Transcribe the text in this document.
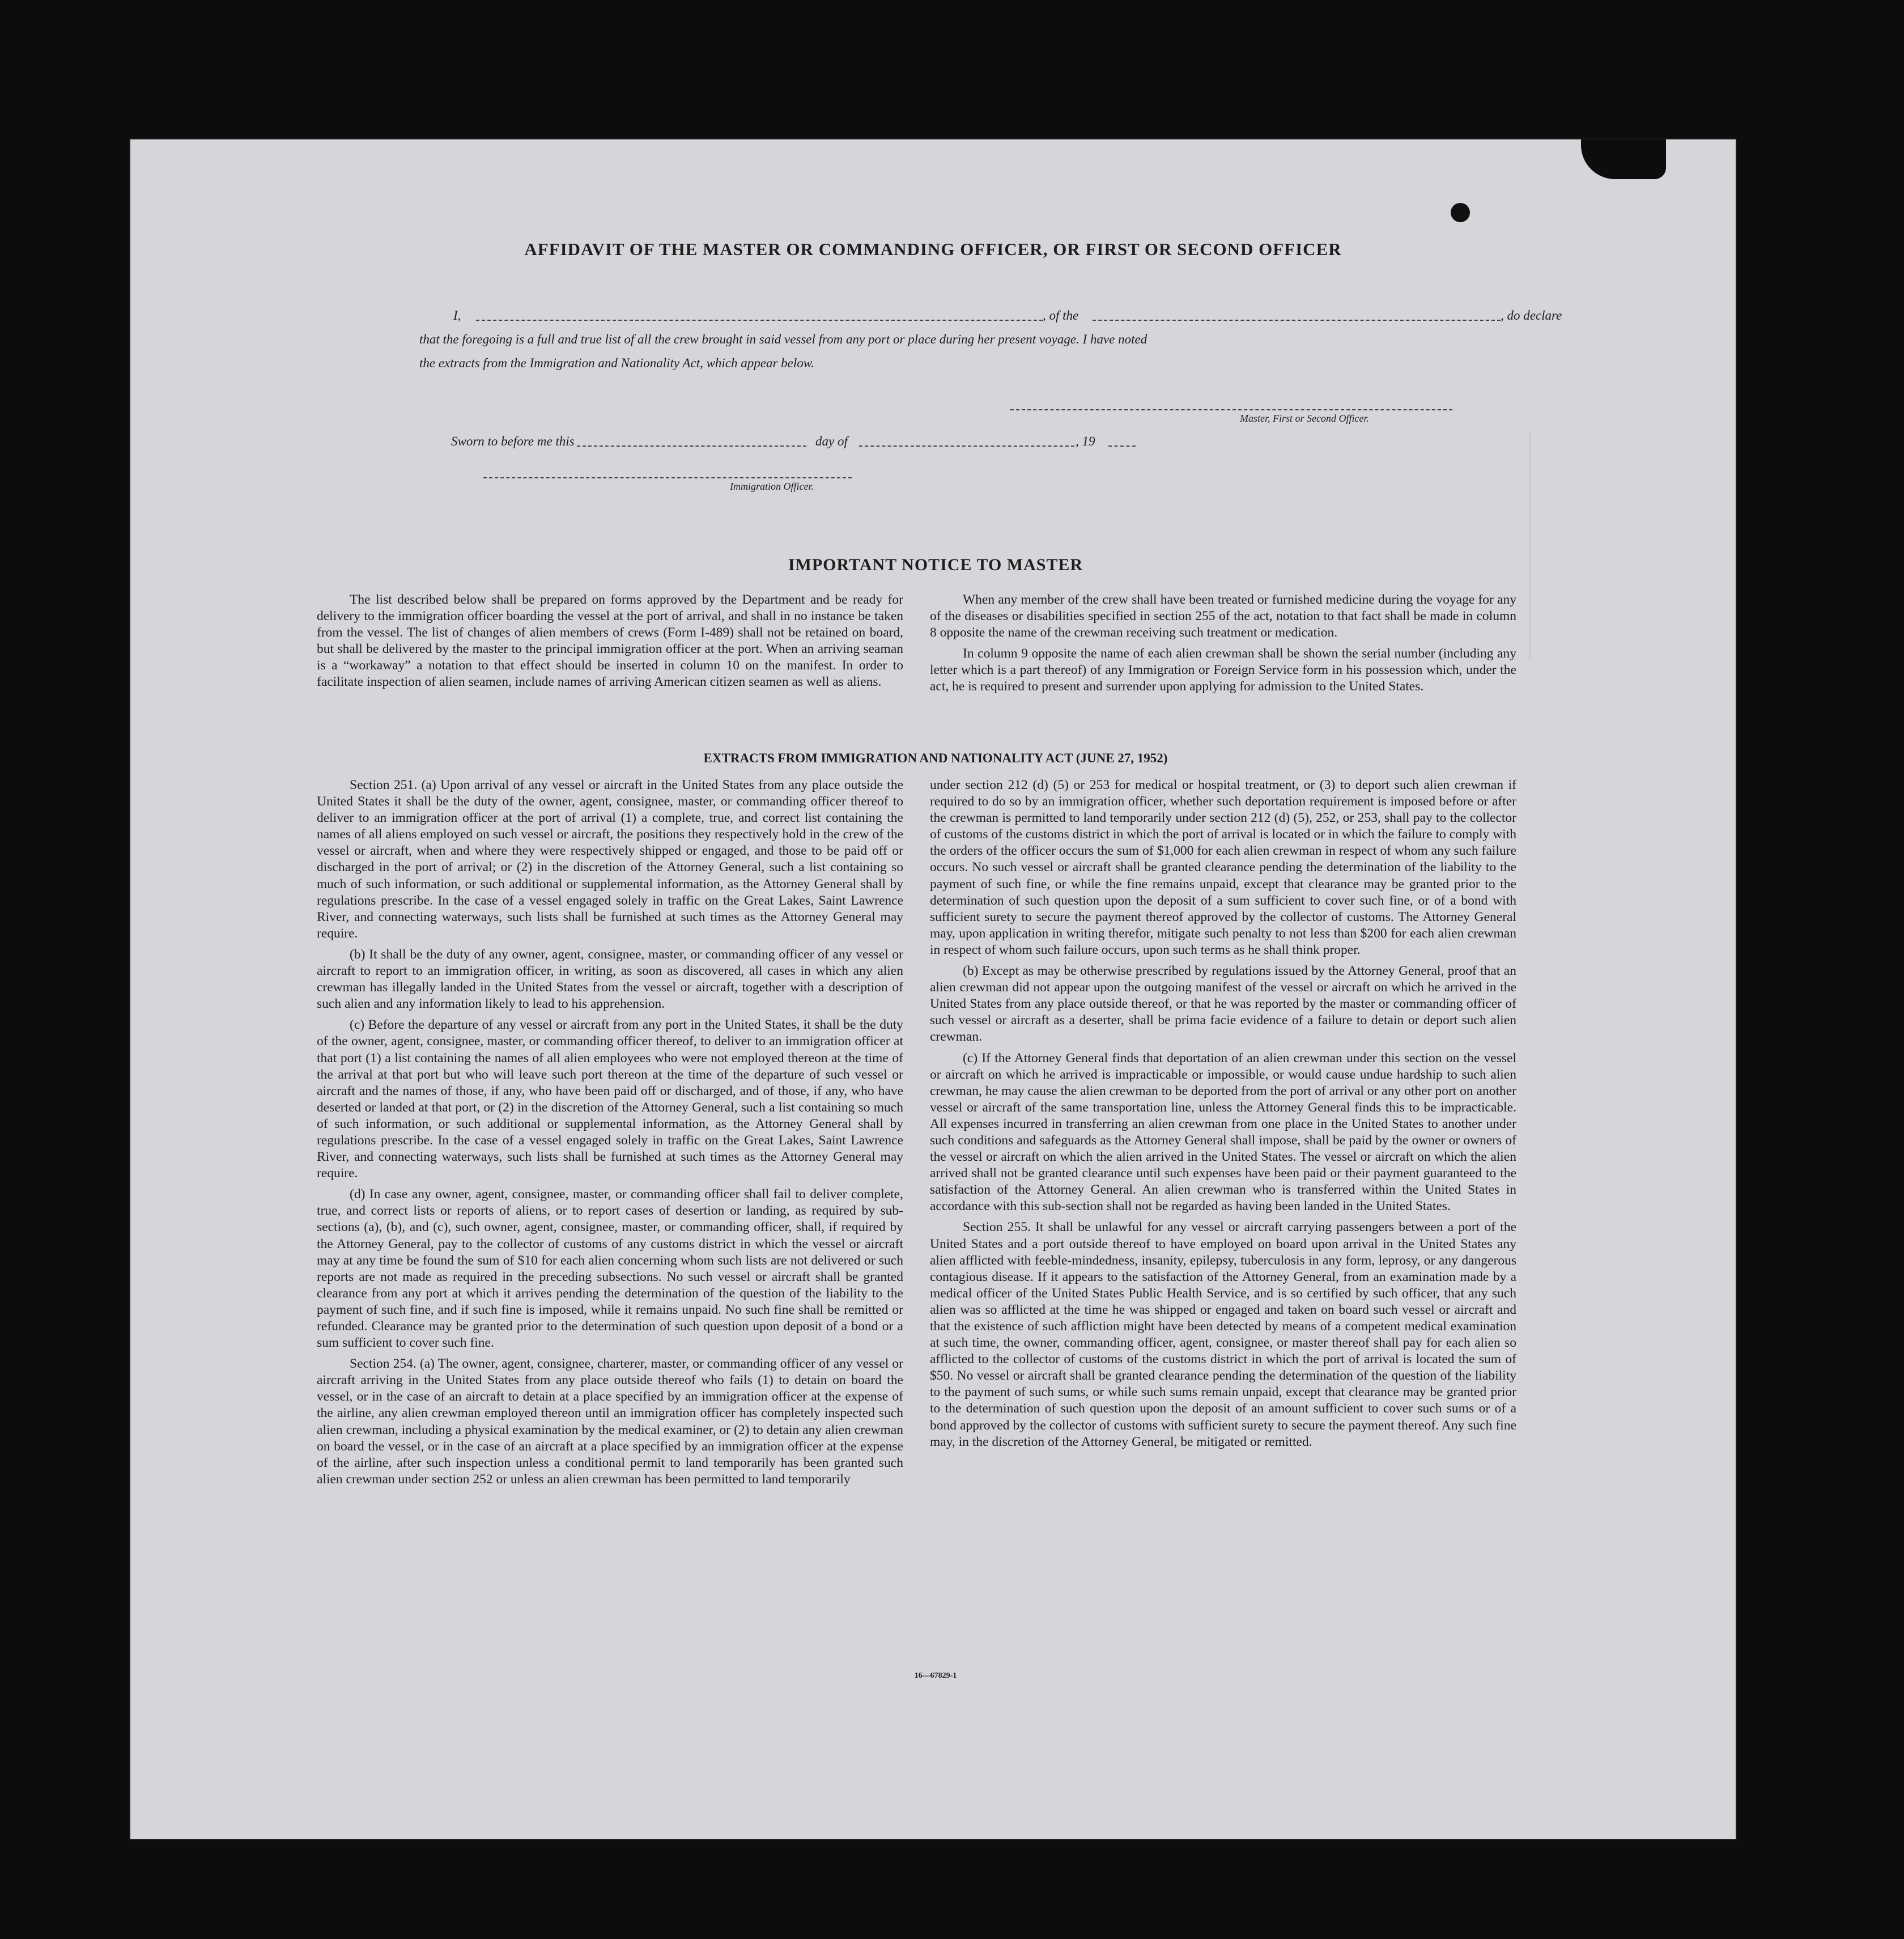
AFFIDAVIT OF THE MASTER OR COMMANDING OFFICER, OR FIRST OR SECOND OFFICER
I,	, of the	, do declare
that the foregoing is a full and true list of all the crew brought in said vessel from any port or place during her present voyage. I have noted
the extracts from the Immigration and Nationality Act, which appear below.
Master, First or Second Officer.
Sworn to before me this	day of	, 19
Immigration Officer.
IMPORTANT NOTICE TO MASTER

The list described below shall be prepared on forms approved by the Department and be ready for delivery to the immigration officer boarding the vessel at the port of arrival, and shall in no instance be taken from the vessel. The list of changes of alien members of crews (Form I-489) shall not be retained on board, but shall be delivered by the master to the principal immigration officer at the port. When an arriving seaman is a “workaway” a notation to that effect should be inserted in column 10 on the manifest. In order to facilitate inspection of alien seamen, include names of arriving American citizen seamen as well as aliens.

When any member of the crew shall have been treated or furnished medicine during the voyage for any of the diseases or disabilities specified in section 255 of the act, notation to that fact shall be made in column 8 opposite the name of the crewman receiving such treatment or medication.

In column 9 opposite the name of each alien crewman shall be shown the serial number (including any letter which is a part thereof) of any Immigration or Foreign Service form in his possession which, under the act, he is required to present and surrender upon applying for admission to the United States.

EXTRACTS FROM IMMIGRATION AND NATIONALITY ACT (JUNE 27, 1952)

Section 251. (a) Upon arrival of any vessel or aircraft in the United States from any place outside the United States it shall be the duty of the owner, agent, consignee, master, or commanding officer thereof to deliver to an immigration officer at the port of arrival (1) a complete, true, and correct list containing the names of all aliens employed on such vessel or aircraft, the positions they respectively hold in the crew of the vessel or aircraft, when and where they were respectively shipped or engaged, and those to be paid off or discharged in the port of arrival; or (2) in the discretion of the Attorney General, such a list containing so much of such information, or such additional or supplemental information, as the Attorney General shall by regulations prescribe. In the case of a vessel engaged solely in traffic on the Great Lakes, Saint Lawrence River, and connecting waterways, such lists shall be furnished at such times as the Attorney General may require.

(b) It shall be the duty of any owner, agent, consignee, master, or commanding officer of any vessel or aircraft to report to an immigration officer, in writing, as soon as discovered, all cases in which any alien crewman has illegally landed in the United States from the vessel or aircraft, together with a description of such alien and any information likely to lead to his apprehension.

(c) Before the departure of any vessel or aircraft from any port in the United States, it shall be the duty of the owner, agent, consignee, master, or commanding officer thereof, to deliver to an immigration officer at that port (1) a list containing the names of all alien employees who were not employed thereon at the time of the arrival at that port but who will leave such port thereon at the time of the departure of such vessel or aircraft and the names of those, if any, who have been paid off or discharged, and of those, if any, who have deserted or landed at that port, or (2) in the discretion of the Attorney General, such a list containing so much of such information, or such additional or supplemental information, as the Attorney General shall by regulations prescribe. In the case of a vessel engaged solely in traffic on the Great Lakes, Saint Lawrence River, and connecting waterways, such lists shall be furnished at such times as the Attorney General may require.

(d) In case any owner, agent, consignee, master, or commanding officer shall fail to deliver complete, true, and correct lists or reports of aliens, or to report cases of desertion or landing, as required by sub-sections (a), (b), and (c), such owner, agent, consignee, master, or commanding officer, shall, if required by the Attorney General, pay to the collector of customs of any customs district in which the vessel or aircraft may at any time be found the sum of $10 for each alien concerning whom such lists are not delivered or such reports are not made as required in the preceding subsections. No such vessel or aircraft shall be granted clearance from any port at which it arrives pending the determination of the question of the liability to the payment of such fine, and if such fine is imposed, while it remains unpaid. No such fine shall be remitted or refunded. Clearance may be granted prior to the determination of such question upon deposit of a bond or a sum sufficient to cover such fine.

Section 254. (a) The owner, agent, consignee, charterer, master, or commanding officer of any vessel or aircraft arriving in the United States from any place outside thereof who fails (1) to detain on board the vessel, or in the case of an aircraft to detain at a place specified by an immigration officer at the expense of the airline, any alien crewman employed thereon until an immigration officer has completely inspected such alien crewman, including a physical examination by the medical examiner, or (2) to detain any alien crewman on board the vessel, or in the case of an aircraft at a place specified by an immigration officer at the expense of the airline, after such inspection unless a conditional permit to land temporarily has been granted such alien crewman under section 252 or unless an alien crewman has been permitted to land temporarily

under section 212 (d) (5) or 253 for medical or hospital treatment, or (3) to deport such alien crewman if required to do so by an immigration officer, whether such deportation requirement is imposed before or after the crewman is permitted to land temporarily under section 212 (d) (5), 252, or 253, shall pay to the collector of customs of the customs district in which the port of arrival is located or in which the failure to comply with the orders of the officer occurs the sum of $1,000 for each alien crewman in respect of whom any such failure occurs. No such vessel or aircraft shall be granted clearance pending the determination of the liability to the payment of such fine, or while the fine remains unpaid, except that clearance may be granted prior to the determination of such question upon the deposit of a sum sufficient to cover such fine, or of a bond with sufficient surety to secure the payment thereof approved by the collector of customs. The Attorney General may, upon application in writing therefor, mitigate such penalty to not less than $200 for each alien crewman in respect of whom such failure occurs, upon such terms as he shall think proper.

(b) Except as may be otherwise prescribed by regulations issued by the Attorney General, proof that an alien crewman did not appear upon the outgoing manifest of the vessel or aircraft on which he arrived in the United States from any place outside thereof, or that he was reported by the master or commanding officer of such vessel or aircraft as a deserter, shall be prima facie evidence of a failure to detain or deport such alien crewman.

(c) If the Attorney General finds that deportation of an alien crewman under this section on the vessel or aircraft on which he arrived is impracticable or impossible, or would cause undue hardship to such alien crewman, he may cause the alien crewman to be deported from the port of arrival or any other port on another vessel or aircraft of the same transportation line, unless the Attorney General finds this to be impracticable. All expenses incurred in transferring an alien crewman from one place in the United States to another under such conditions and safeguards as the Attorney General shall impose, shall be paid by the owner or owners of the vessel or aircraft on which the alien arrived in the United States. The vessel or aircraft on which the alien arrived shall not be granted clearance until such expenses have been paid or their payment guaranteed to the satisfaction of the Attorney General. An alien crewman who is transferred within the United States in accordance with this sub-section shall not be regarded as having been landed in the United States.

Section 255. It shall be unlawful for any vessel or aircraft carrying passengers between a port of the United States and a port outside thereof to have employed on board upon arrival in the United States any alien afflicted with feeble-mindedness, insanity, epilepsy, tuberculosis in any form, leprosy, or any dangerous contagious disease. If it appears to the satisfaction of the Attorney General, from an examination made by a medical officer of the United States Public Health Service, and is so certified by such officer, that any such alien was so afflicted at the time he was shipped or engaged and taken on board such vessel or aircraft and that the existence of such affliction might have been detected by means of a competent medical examination at such time, the owner, commanding officer, agent, consignee, or master thereof shall pay for each alien so afflicted to the collector of customs of the customs district in which the port of arrival is located the sum of $50. No vessel or aircraft shall be granted clearance pending the determination of the question of the liability to the payment of such sums, or while such sums remain unpaid, except that clearance may be granted prior to the determination of such question upon the deposit of an amount sufficient to cover such sums or of a bond approved by the collector of customs with sufficient surety to secure the payment thereof. Any such fine may, in the discretion of the Attorney General, be mitigated or remitted.

16—67829-1
